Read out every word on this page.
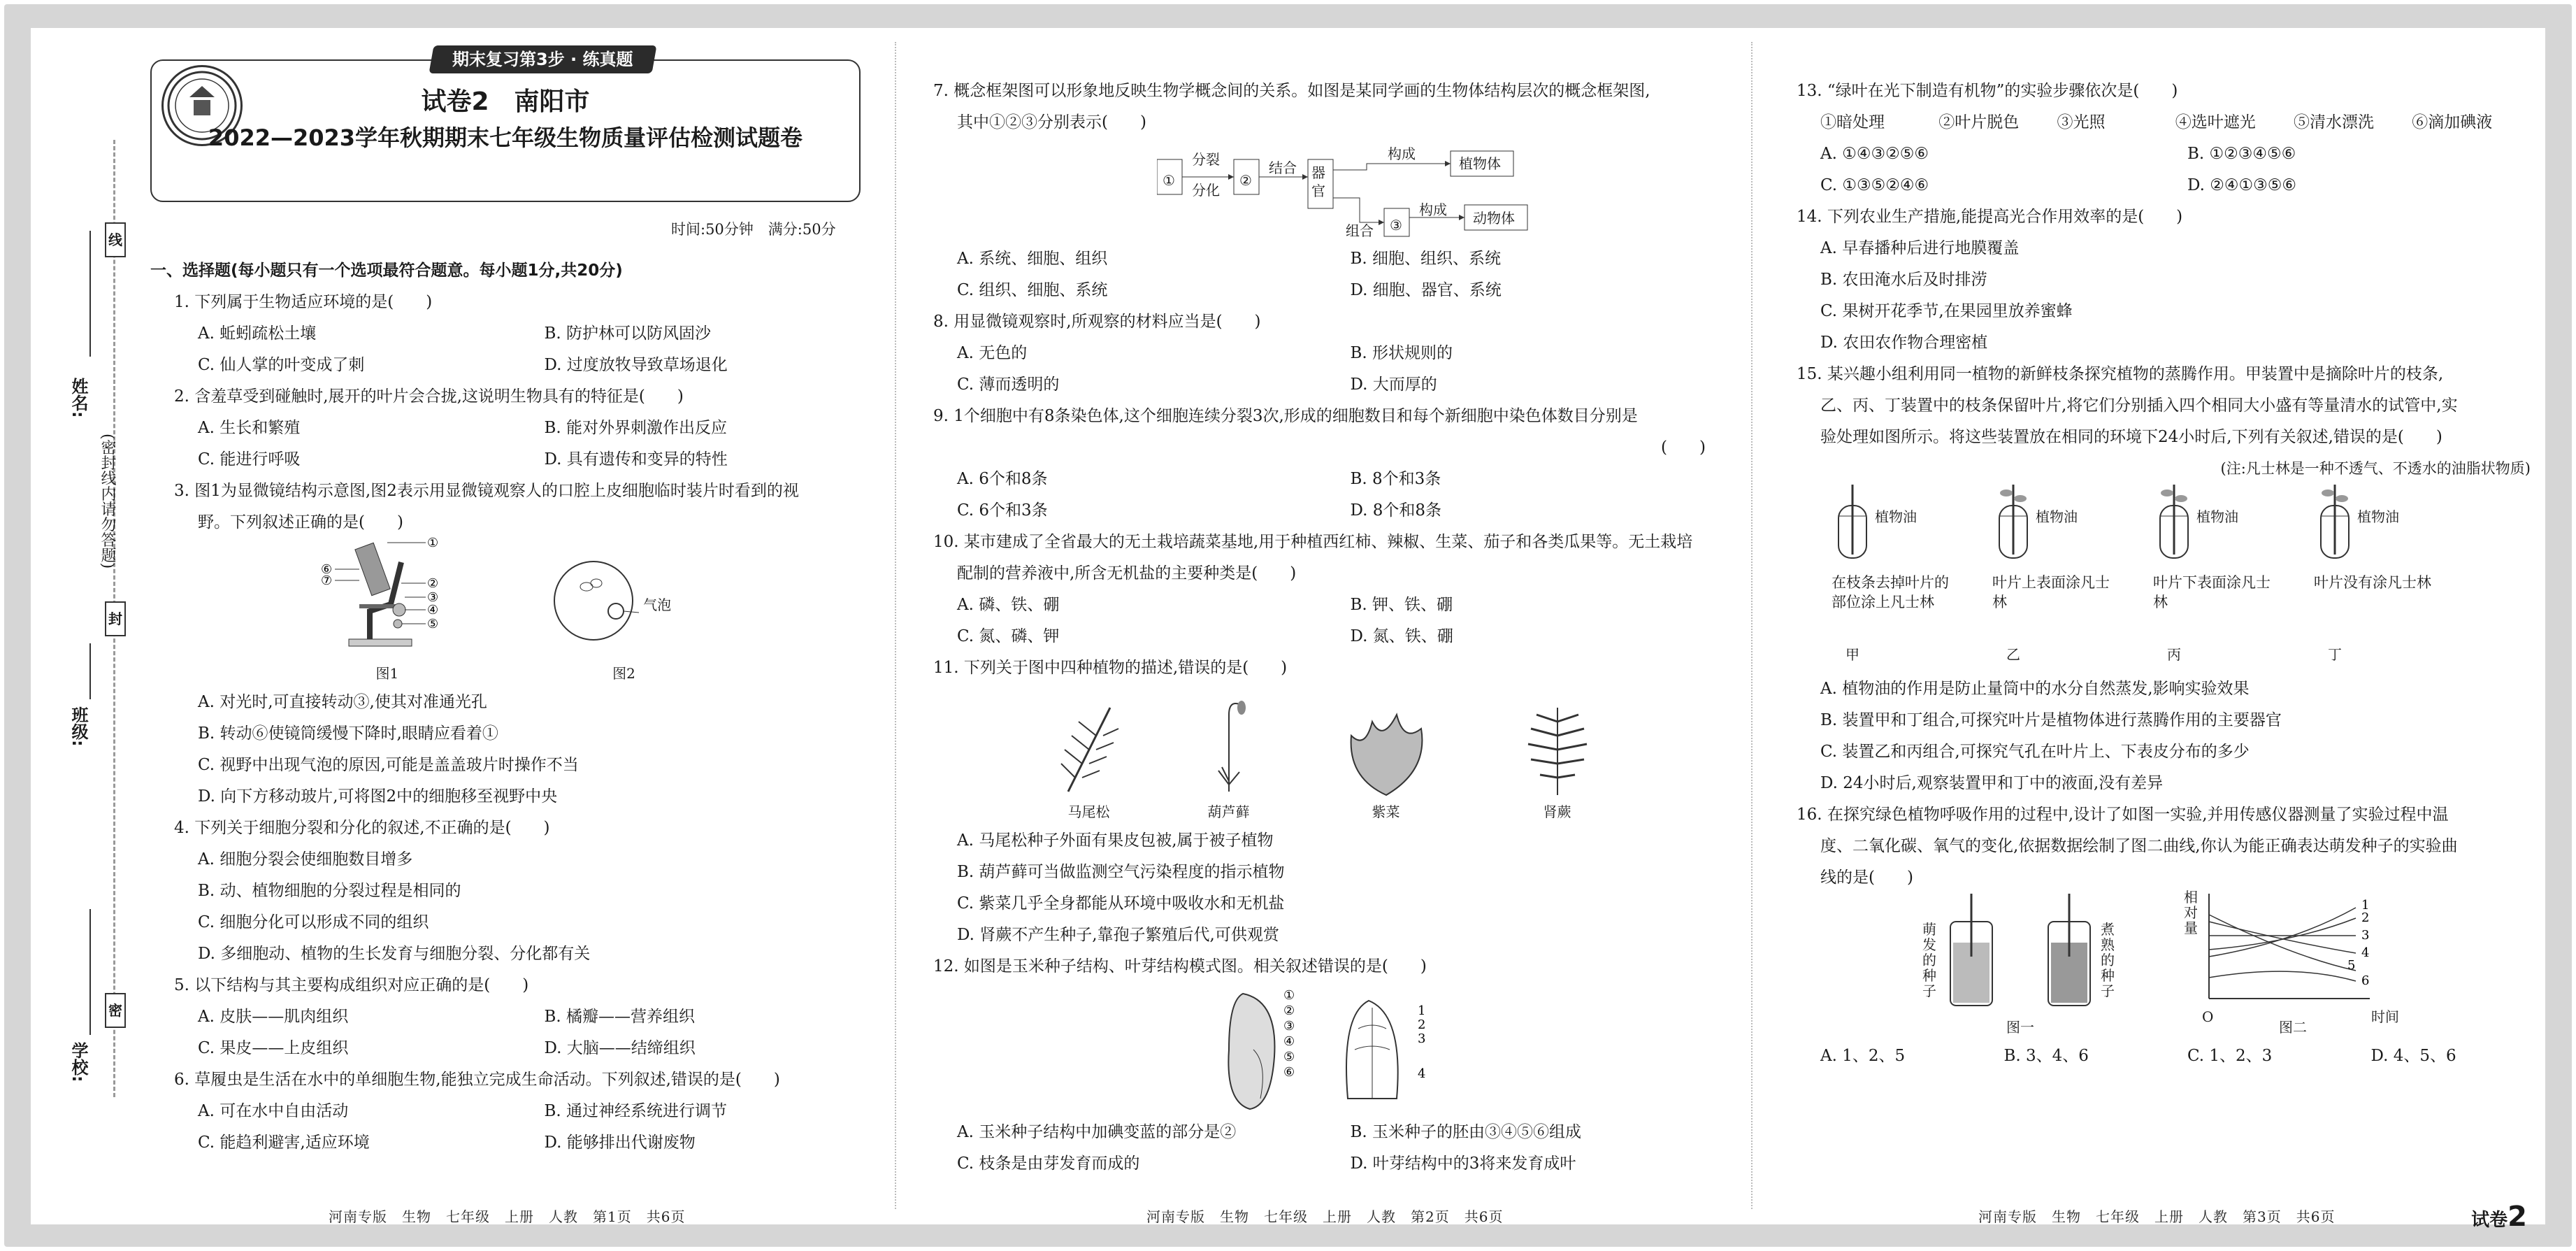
线
封
密
姓名:
班级:
学校:
(密封线内请勿答题)
期末复习第3步 · 练真题
试卷2　南阳市
2022—2023学年秋期期末七年级生物质量评估检测试题卷
时间:50分钟　满分:50分
一、选择题(每小题只有一个选项最符合题意。每小题1分,共20分)
1. 下列属于生物适应环境的是(　　)
A. 蚯蚓疏松土壤	B. 防护林可以防风固沙
C. 仙人掌的叶变成了刺	D. 过度放牧导致草场退化
2. 含羞草受到碰触时,展开的叶片会合拢,这说明生物具有的特征是(　　)
A. 生长和繁殖	B. 能对外界刺激作出反应
C. 能进行呼吸	D. 具有遗传和变异的特性
3. 图1为显微镜结构示意图,图2表示用显微镜观察人的口腔上皮细胞临时装片时看到的视
野。下列叙述正确的是(　　)
①
②
③
④
⑤
⑥
⑦
图1
气泡
图2
A. 对光时,可直接转动③,使其对准通光孔
B. 转动⑥使镜筒缓慢下降时,眼睛应看着①
C. 视野中出现气泡的原因,可能是盖盖玻片时操作不当
D. 向下方移动玻片,可将图2中的细胞移至视野中央
4. 下列关于细胞分裂和分化的叙述,不正确的是(　　)
A. 细胞分裂会使细胞数目增多
B. 动、植物细胞的分裂过程是相同的
C. 细胞分化可以形成不同的组织
D. 多细胞动、植物的生长发育与细胞分裂、分化都有关
5. 以下结构与其主要构成组织对应正确的是(　　)
A. 皮肤——肌肉组织	B. 橘瓣——营养组织
C. 果皮——上皮组织	D. 大脑——结缔组织
6. 草履虫是生活在水中的单细胞生物,能独立完成生命活动。下列叙述,错误的是(　　)
A. 可在水中自由活动	B. 通过神经系统进行调节
C. 能趋利避害,适应环境	D. 能够排出代谢废物
河南专版　生物　七年级　上册　人教　第1页　共6页
7. 概念框架图可以形象地反映生物学概念间的关系。如图是某同学画的生物体结构层次的概念框架图,
其中①②③分别表示(　　)
①	②
③
分裂
分化
结合 器官
构成
组合
构成
植物体
动物体
A. 系统、细胞、组织	B. 细胞、组织、系统
C. 组织、细胞、系统	D. 细胞、器官、系统
8. 用显微镜观察时,所观察的材料应当是(　　)
A. 无色的	B. 形状规则的
C. 薄而透明的	D. 大而厚的
9. 1个细胞中有8条染色体,这个细胞连续分裂3次,形成的细胞数目和每个新细胞中染色体数目分别是
(　　)
A. 6个和8条	B. 8个和3条
C. 6个和3条	D. 8个和8条
10. 某市建成了全省最大的无土栽培蔬菜基地,用于种植西红柿、辣椒、生菜、茄子和各类瓜果等。无土栽培
配制的营养液中,所含无机盐的主要种类是(　　)
A. 磷、铁、硼	B. 钾、铁、硼
C. 氮、磷、钾	D. 氮、铁、硼
11. 下列关于图中四种植物的描述,错误的是(　　)
马尾松	葫芦藓	紫菜	肾蕨
A. 马尾松种子外面有果皮包被,属于被子植物
B. 葫芦藓可当做监测空气污染程度的指示植物
C. 紫菜几乎全身都能从环境中吸收水和无机盐
D. 肾蕨不产生种子,靠孢子繁殖后代,可供观赏
12. 如图是玉米种子结构、叶芽结构模式图。相关叙述错误的是(　　)
①
②
③
④
⑤
⑥
1
2
3
4
A. 玉米种子结构中加碘变蓝的部分是②	B. 玉米种子的胚由③④⑤⑥组成
C. 枝条是由芽发育而成的	D. 叶芽结构中的3将来发育成叶
河南专版　生物　七年级　上册　人教　第2页　共6页
13. “绿叶在光下制造有机物”的实验步骤依次是(　　)
①暗处理	②叶片脱色	③光照	④选叶遮光	⑤清水漂洗	⑥滴加碘液
A. ①④③②⑤⑥	B. ①②③④⑤⑥
C. ①③⑤②④⑥	D. ②④①③⑤⑥
14. 下列农业生产措施,能提高光合作用效率的是(　　)
A. 早春播种后进行地膜覆盖
B. 农田淹水后及时排涝
C. 果树开花季节,在果园里放养蜜蜂
D. 农田农作物合理密植
15. 某兴趣小组利用同一植物的新鲜枝条探究植物的蒸腾作用。甲装置中是摘除叶片的枝条,
乙、丙、丁装置中的枝条保留叶片,将它们分别插入四个相同大小盛有等量清水的试管中,实
验处理如图所示。将这些装置放在相同的环境下24小时后,下列有关叙述,错误的是(　　)
(注:凡士林是一种不透气、不透水的油脂状物质)
植物油
在枝条去掉叶片的部位涂上凡士林
甲
植物油
叶片上表面涂凡士林
乙
植物油
叶片下表面涂凡士林
丙
植物油
叶片没有涂凡士林
丁
A. 植物油的作用是防止量筒中的水分自然蒸发,影响实验效果
B. 装置甲和丁组合,可探究叶片是植物体进行蒸腾作用的主要器官
C. 装置乙和丙组合,可探究气孔在叶片上、下表皮分布的多少
D. 24小时后,观察装置甲和丁中的液面,没有差异
16. 在探究绿色植物呼吸作用的过程中,设计了如图一实验,并用传感仪器测量了实验过程中温
度、二氧化碳、氧气的变化,依据数据绘制了图二曲线,你认为能正确表达萌发种子的实验曲
线的是(　　)
萌发的种子
煮熟的种子
图一
1
2
3
4
5
6
相对量
O	时间
图二
A. 1、2、5	B. 3、4、6	C. 1、2、3	D. 4、5、6
河南专版　生物　七年级　上册　人教　第3页　共6页	试卷2
